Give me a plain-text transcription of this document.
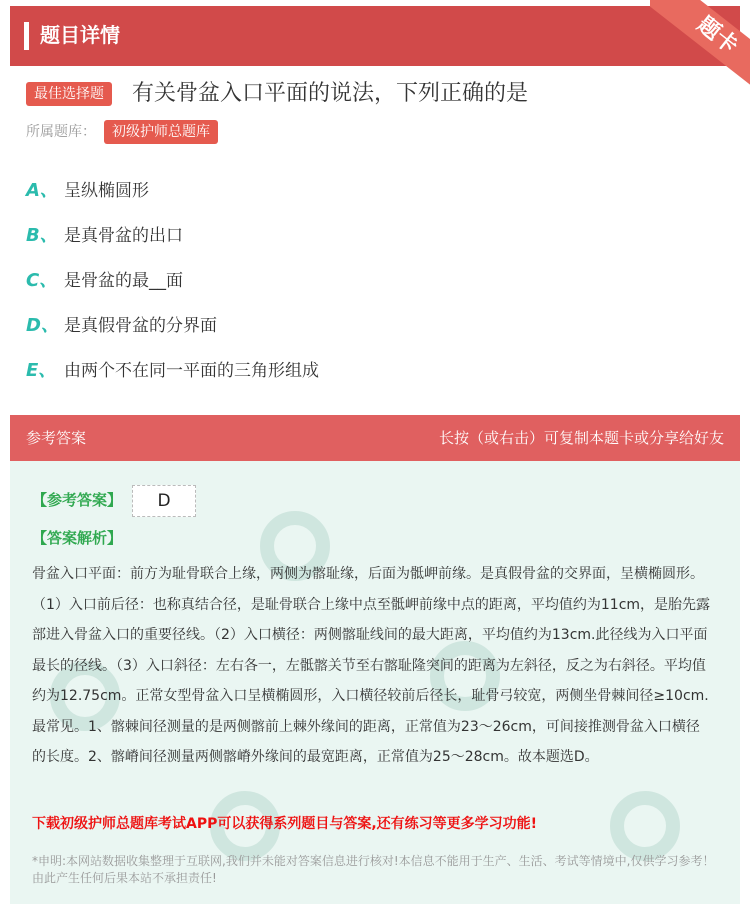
题目详情	题卡
最佳选择题	有关骨盆入口平面的说法，下列正确的是
所属题库：	初级护师总题库
A、 呈纵椭圆形
B、 是真骨盆的出口
C、 是骨盆的最__面
D、 是真假骨盆的分界面
E、 由两个不在同一平面的三角形组成
参考答案	长按（或右击）可复制本题卡或分享给好友
【参考答案】	D
【答案解析】
骨盆入口平面：前方为耻骨联合上缘，两侧为髂耻缘，后面为骶岬前缘。是真假骨盆的交界面，呈横椭圆形。（1）入口前后径：也称真结合径，是耻骨联合上缘中点至骶岬前缘中点的距离，平均值约为11cm，是胎先露部进入骨盆入口的重要径线。（2）入口横径：两侧髂耻线间的最大距离，平均值约为13cm.此径线为入口平面最长的径线。（3）入口斜径：左右各一，左骶髂关节至右髂耻隆突间的距离为左斜径，反之为右斜径。平均值约为12.75cm。正常女型骨盆入口呈横椭圆形，入口横径较前后径长，耻骨弓较宽，两侧坐骨棘间径≥10cm.最常见。1、髂棘间径测量的是两侧髂前上棘外缘间的距离，正常值为23～26cm，可间接推测骨盆入口横径的长度。2、髂嵴间径测量两侧髂嵴外缘间的最宽距离，正常值为25～28cm。故本题选D。
下载初级护师总题库考试APP可以获得系列题目与答案,还有练习等更多学习功能!
*申明:本网站数据收集整理于互联网,我们并未能对答案信息进行核对!本信息不能用于生产、生活、考试等情境中,仅供学习参考！由此产生任何后果本站不承担责任!
